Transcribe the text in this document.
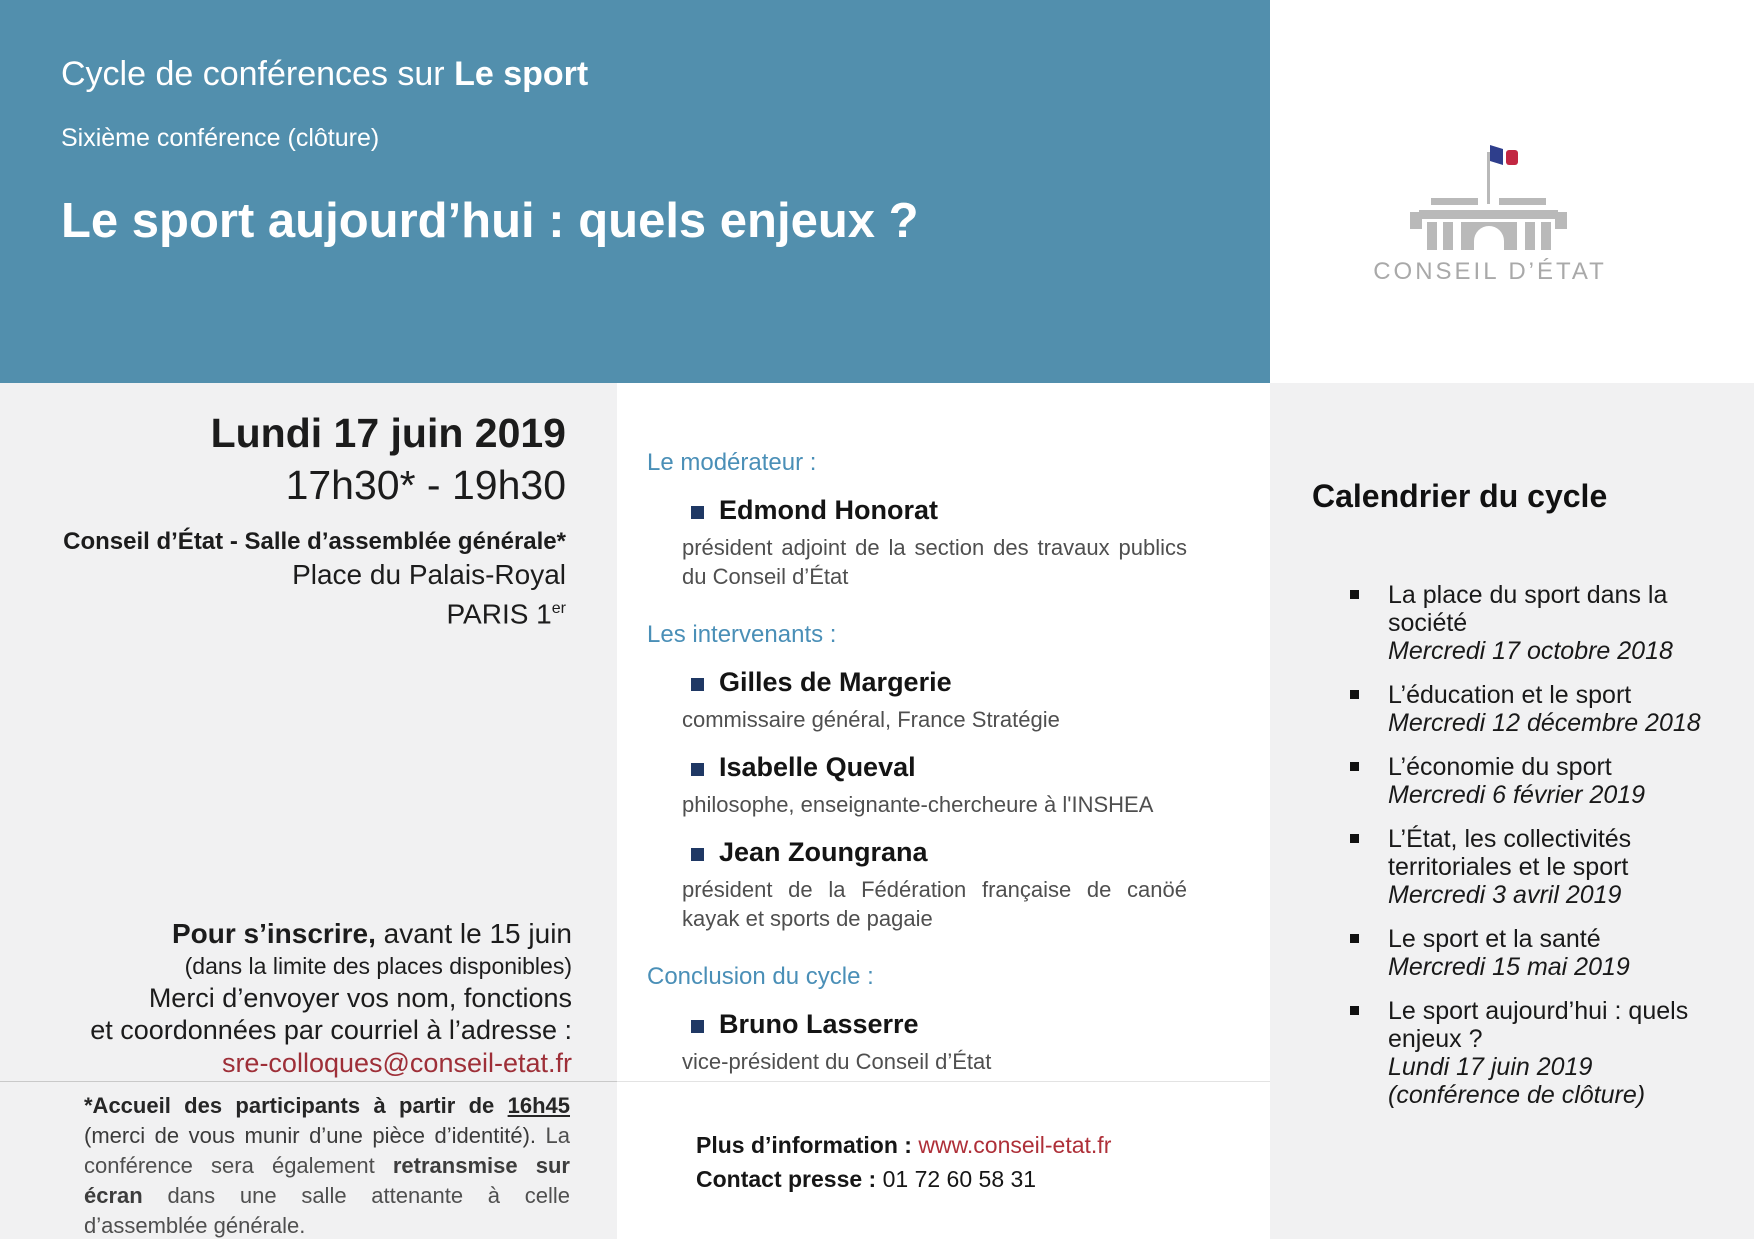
Cycle de conférences sur Le sport
Sixième conférence (clôture)
Le sport aujourd’hui : quels enjeux ?
CONSEIL D’ÉTAT
Lundi 17 juin 2019
17h30* - 19h30
Conseil d’État - Salle d’assemblée générale*
Place du Palais-Royal
PARIS 1er
Pour s’inscrire, avant le 15 juin
(dans la limite des places disponibles)
Merci d’envoyer vos nom, fonctions
et coordonnées par courriel à l’adresse :
sre-colloques@conseil-etat.fr

*Accueil des participants à partir de 16h45 (merci de vous munir d’une pièce d’identité). La conférence sera également retransmise sur écran dans une salle attenante à celle d’assemblée générale.

Le modérateur :
Edmond Honorat

président adjoint de la section des travaux publics du Conseil d’État

Les intervenants :
Gilles de Margerie

commissaire général, France Stratégie

Isabelle Queval

philosophe, enseignante-chercheure à l'INSHEA

Jean Zoungrana

président de la Fédération française de canöé kayak et sports de pagaie

Conclusion du cycle :
Bruno Lasserre

vice-président du Conseil d’État

Plus d’information : www.conseil-etat.fr
Contact presse : 01 72 60 58 31
Calendrier du cycle
La place du sport dans la société
Mercredi 17 octobre 2018
L’éducation et le sport
Mercredi 12 décembre 2018
L’économie du sport
Mercredi 6 février 2019
L’État, les collectivités territoriales et le sport
Mercredi 3 avril 2019
Le sport et la santé
Mercredi 15 mai 2019
Le sport aujourd’hui : quels enjeux ?
Lundi 17 juin 2019
(conférence de clôture)
